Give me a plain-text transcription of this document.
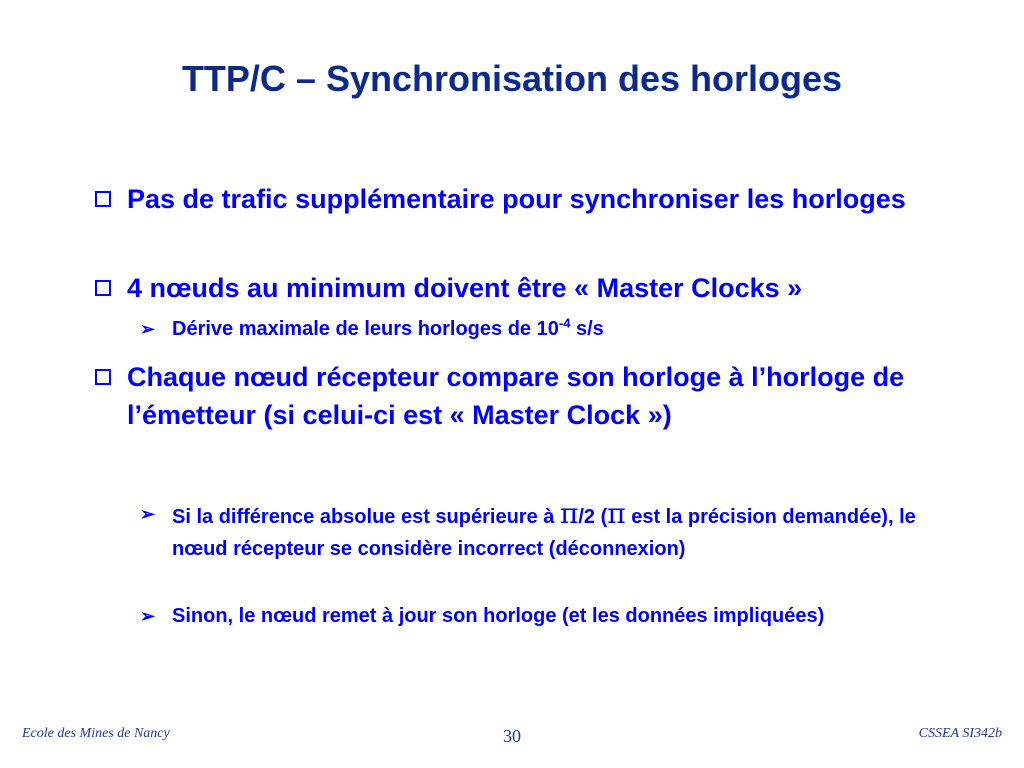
TTP/C – Synchronisation des horloges
Pas de trafic supplémentaire pour synchroniser les horloges
4 nœuds au minimum doivent être « Master Clocks »
➢ Dérive maximale de leurs horloges de $10^{-4}$ s/s
Chaque nœud récepteur compare son horloge à l’horloge de l’émetteur (si celui-ci est « Master Clock »)
➢ Si la différence absolue est supérieure à π/2 (π est la précision demandée), le nœud récepteur se considère incorrect (déconnexion)
➢ Sinon, le nœud remet à jour son horloge (et les données impliquées)
Ecole des Mines de Nancy	30	CSSEA SI342b
